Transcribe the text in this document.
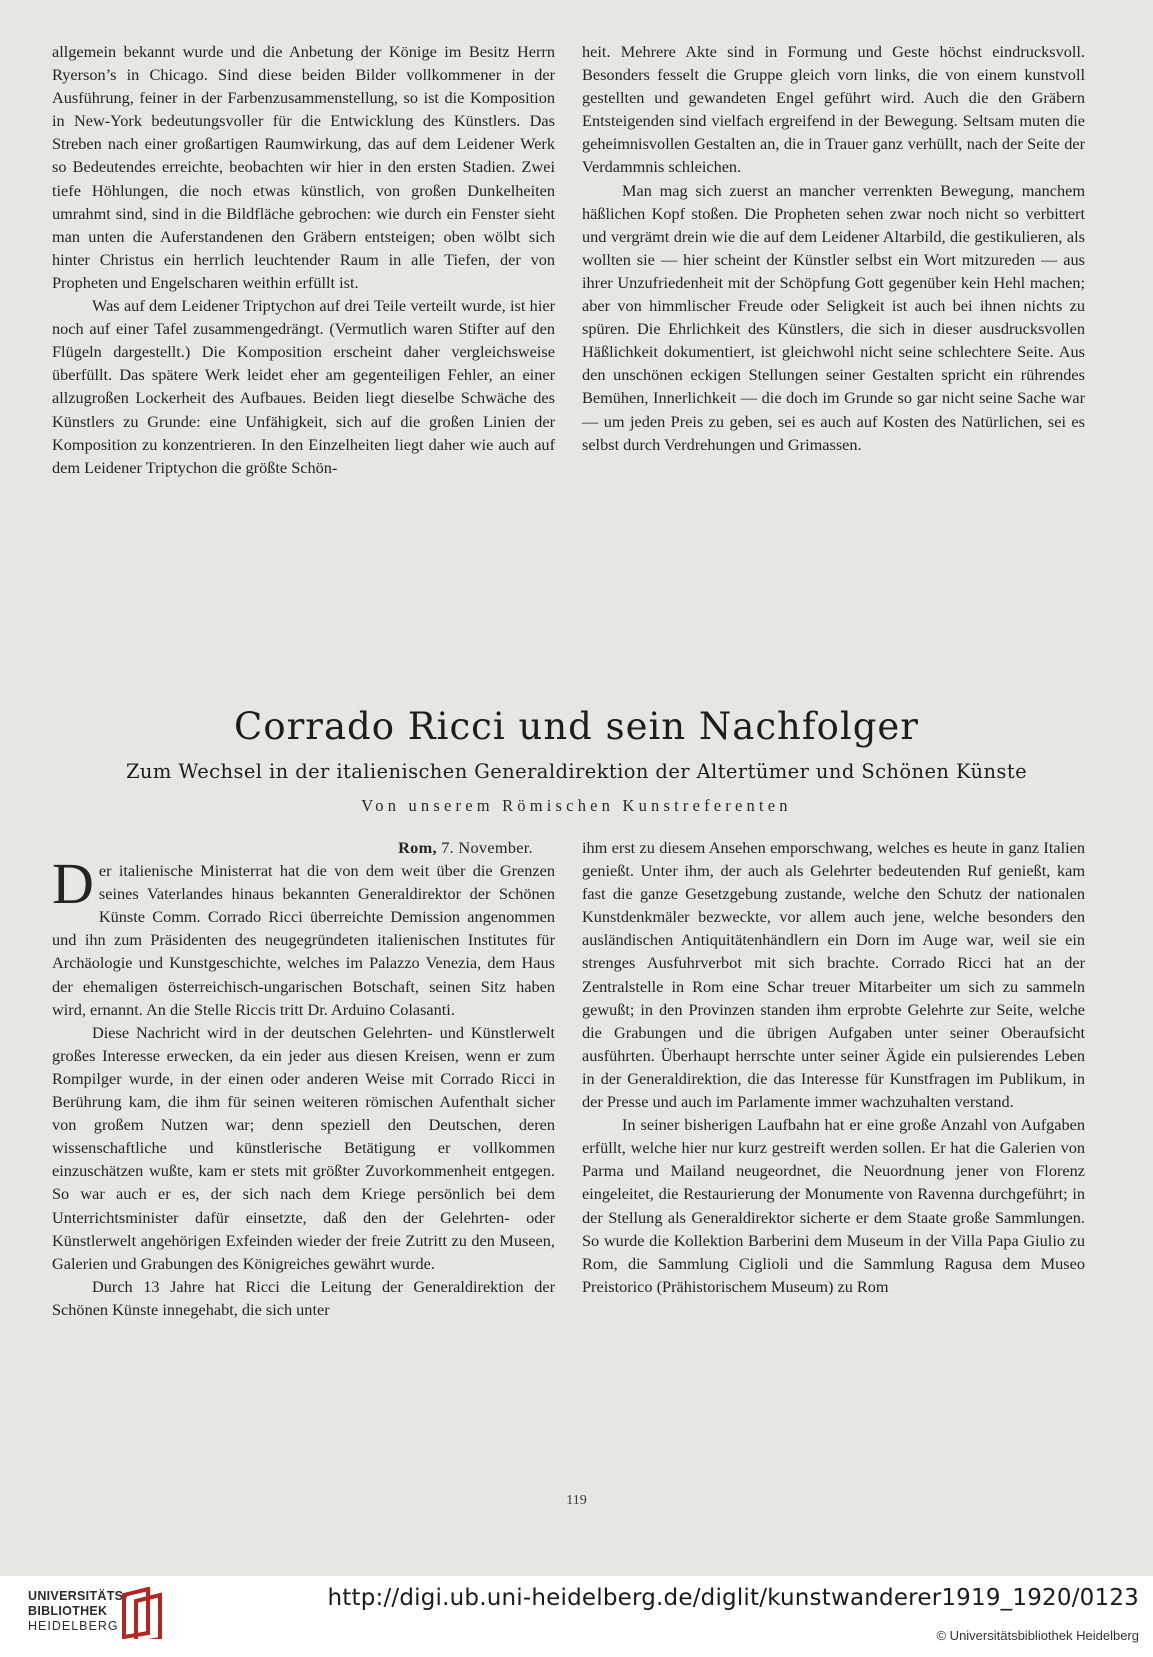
allgemein bekannt wurde und die Anbetung der Könige im Besitz Herrn Ryerson’s in Chicago. Sind diese beiden Bilder vollkommener in der Ausführung, feiner in der Farbenzusammenstellung, so ist die Komposition in New-York bedeutungsvoller für die Entwicklung des Künstlers. Das Streben nach einer großartigen Raumwirkung, das auf dem Leidener Werk so Bedeutendes erreichte, beobachten wir hier in den ersten Stadien. Zwei tiefe Höhlungen, die noch etwas künstlich, von großen Dunkelheiten umrahmt sind, sind in die Bildfläche gebrochen: wie durch ein Fenster sieht man unten die Auferstandenen den Gräbern entsteigen; oben wölbt sich hinter Christus ein herrlich leuchtender Raum in alle Tiefen, der von Propheten und Engelscharen weithin erfüllt ist.

Was auf dem Leidener Triptychon auf drei Teile verteilt wurde, ist hier noch auf einer Tafel zusammengedrängt. (Vermutlich waren Stifter auf den Flügeln dargestellt.) Die Komposition erscheint daher vergleichsweise überfüllt. Das spätere Werk leidet eher am gegenteiligen Fehler, an einer allzugroßen Lockerheit des Aufbaues. Beiden liegt dieselbe Schwäche des Künstlers zu Grunde: eine Unfähigkeit, sich auf die großen Linien der Komposition zu konzentrieren. In den Einzelheiten liegt daher wie auch auf dem Leidener Triptychon die größte Schön-

heit. Mehrere Akte sind in Formung und Geste höchst eindrucksvoll. Besonders fesselt die Gruppe gleich vorn links, die von einem kunstvoll gestellten und gewandeten Engel geführt wird. Auch die den Gräbern Entsteigenden sind vielfach ergreifend in der Bewegung. Seltsam muten die geheimnisvollen Gestalten an, die in Trauer ganz verhüllt, nach der Seite der Verdammnis schleichen.

Man mag sich zuerst an mancher verrenkten Bewegung, manchem häßlichen Kopf stoßen. Die Propheten sehen zwar noch nicht so verbittert und vergrämt drein wie die auf dem Leidener Altarbild, die gestikulieren, als wollten sie — hier scheint der Künstler selbst ein Wort mitzureden — aus ihrer Unzufriedenheit mit der Schöpfung Gott gegenüber kein Hehl machen; aber von himmlischer Freude oder Seligkeit ist auch bei ihnen nichts zu spüren. Die Ehrlichkeit des Künstlers, die sich in dieser ausdrucksvollen Häßlichkeit dokumentiert, ist gleichwohl nicht seine schlechtere Seite. Aus den unschönen eckigen Stellungen seiner Gestalten spricht ein rührendes Bemühen, Innerlichkeit — die doch im Grunde so gar nicht seine Sache war — um jeden Preis zu geben, sei es auch auf Kosten des Natürlichen, sei es selbst durch Verdrehungen und Grimassen.

Corrado Ricci und sein Nachfolger
Zum Wechsel in der italienischen Generaldirektion der Altertümer und Schönen Künste
Von unserem Römischen Kunstreferenten

Rom, 7. November.

Der italienische Ministerrat hat die von dem weit über die Grenzen seines Vaterlandes hinaus bekannten Generaldirektor der Schönen Künste Comm. Corrado Ricci überreichte Demission angenommen und ihn zum Präsidenten des neugegründeten italienischen Institutes für Archäologie und Kunstgeschichte, welches im Palazzo Venezia, dem Haus der ehemaligen österreichisch-ungarischen Botschaft, seinen Sitz haben wird, ernannt. An die Stelle Riccis tritt Dr. Arduino Colasanti.

Diese Nachricht wird in der deutschen Gelehrten- und Künstlerwelt großes Interesse erwecken, da ein jeder aus diesen Kreisen, wenn er zum Rompilger wurde, in der einen oder anderen Weise mit Corrado Ricci in Berührung kam, die ihm für seinen weiteren römischen Aufenthalt sicher von großem Nutzen war; denn speziell den Deutschen, deren wissenschaftliche und künstlerische Betätigung er vollkommen einzuschätzen wußte, kam er stets mit größter Zuvorkommenheit entgegen. So war auch er es, der sich nach dem Kriege persönlich bei dem Unterrichtsminister dafür einsetzte, daß den der Gelehrten- oder Künstlerwelt angehörigen Exfeinden wieder der freie Zutritt zu den Museen, Galerien und Grabungen des Königreiches gewährt wurde.

Durch 13 Jahre hat Ricci die Leitung der Generaldirektion der Schönen Künste innegehabt, die sich unter

ihm erst zu diesem Ansehen emporschwang, welches es heute in ganz Italien genießt. Unter ihm, der auch als Gelehrter bedeutenden Ruf genießt, kam fast die ganze Gesetzgebung zustande, welche den Schutz der nationalen Kunstdenkmäler bezweckte, vor allem auch jene, welche besonders den ausländischen Antiquitätenhändlern ein Dorn im Auge war, weil sie ein strenges Ausfuhrverbot mit sich brachte. Corrado Ricci hat an der Zentralstelle in Rom eine Schar treuer Mitarbeiter um sich zu sammeln gewußt; in den Provinzen standen ihm erprobte Gelehrte zur Seite, welche die Grabungen und die übrigen Aufgaben unter seiner Oberaufsicht ausführten. Überhaupt herrschte unter seiner Ägide ein pulsierendes Leben in der Generaldirektion, die das Interesse für Kunstfragen im Publikum, in der Presse und auch im Parlamente immer wachzuhalten verstand.

In seiner bisherigen Laufbahn hat er eine große Anzahl von Aufgaben erfüllt, welche hier nur kurz gestreift werden sollen. Er hat die Galerien von Parma und Mailand neugeordnet, die Neuordnung jener von Florenz eingeleitet, die Restaurierung der Monumente von Ravenna durchgeführt; in der Stellung als Generaldirektor sicherte er dem Staate große Sammlungen. So wurde die Kollektion Barberini dem Museum in der Villa Papa Giulio zu Rom, die Sammlung Ciglioli und die Sammlung Ragusa dem Museo Preistorico (Prähistorischem Museum) zu Rom

119
UNIVERSITÄTS-
BIBLIOTHEK
HEIDELBERG
http://digi.ub.uni-heidelberg.de/diglit/kunstwanderer1919_1920/0123
© Universitätsbibliothek Heidelberg
